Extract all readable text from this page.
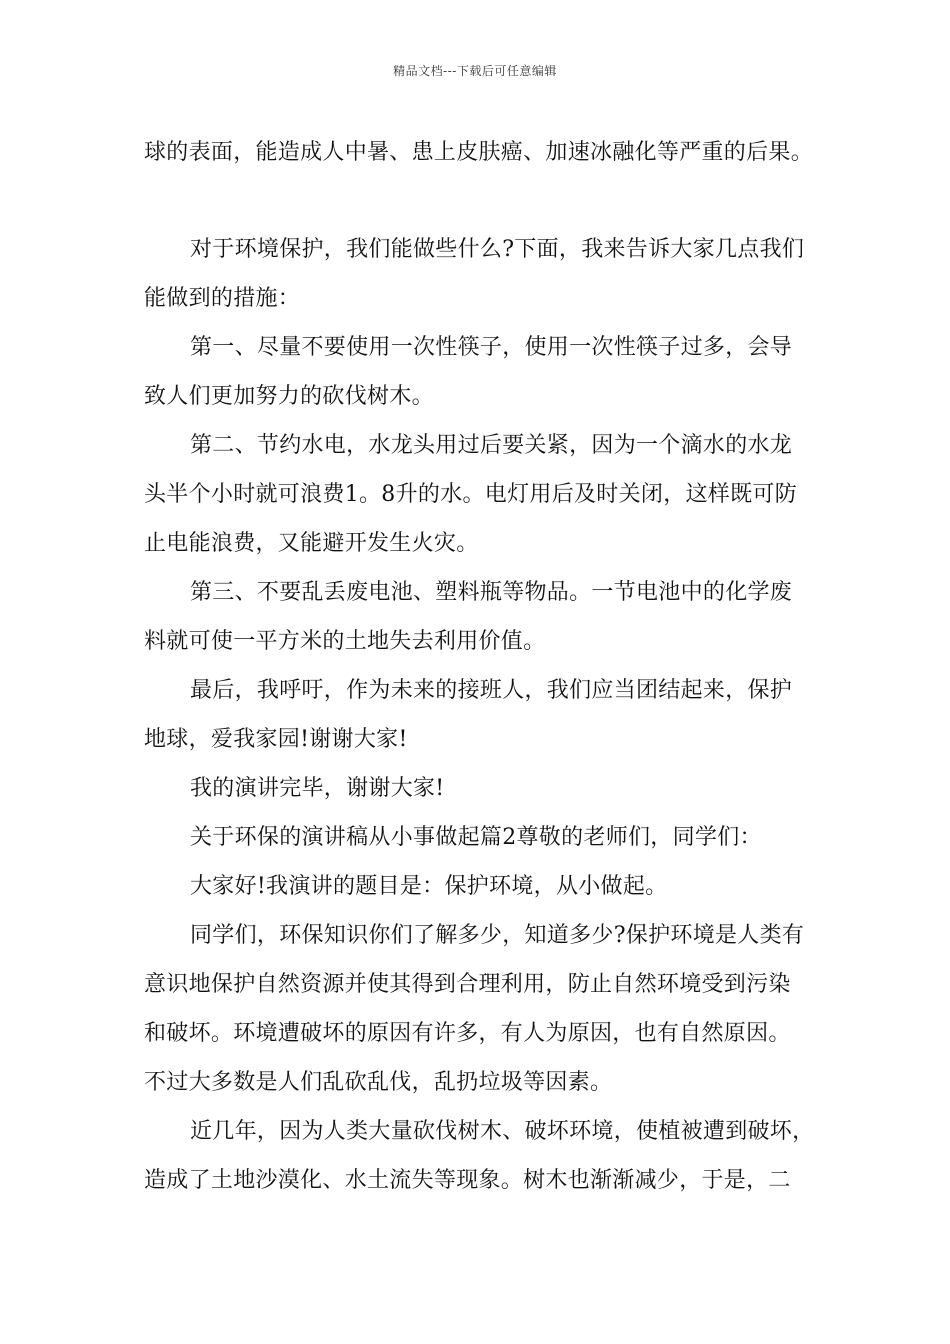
精品文档---下载后可任意编辑
球的表面，能造成人中暑、患上皮肤癌、加速冰融化等严重的后果。
对于环境保护，我们能做些什么?下面，我来告诉大家几点我们
能做到的措施：
第一、尽量不要使用一次性筷子，使用一次性筷子过多，会导
致人们更加努力的砍伐树木。
第二、节约水电，水龙头用过后要关紧，因为一个滴水的水龙
头半个小时就可浪费1。8升的水。电灯用后及时关闭，这样既可防
止电能浪费，又能避开发生火灾。
第三、不要乱丢废电池、塑料瓶等物品。一节电池中的化学废
料就可使一平方米的土地失去利用价值。
最后，我呼吁，作为未来的接班人，我们应当团结起来，保护
地球，爱我家园!谢谢大家!
我的演讲完毕，谢谢大家!
关于环保的演讲稿从小事做起篇2尊敬的老师们，同学们：
大家好!我演讲的题目是：保护环境，从小做起。
同学们，环保知识你们了解多少，知道多少?保护环境是人类有
意识地保护自然资源并使其得到合理利用，防止自然环境受到污染
和破坏。环境遭破坏的原因有许多，有人为原因，也有自然原因。
不过大多数是人们乱砍乱伐，乱扔垃圾等因素。
近几年，因为人类大量砍伐树木、破坏环境，使植被遭到破坏，
造成了土地沙漠化、水土流失等现象。树木也渐渐减少，于是，二
